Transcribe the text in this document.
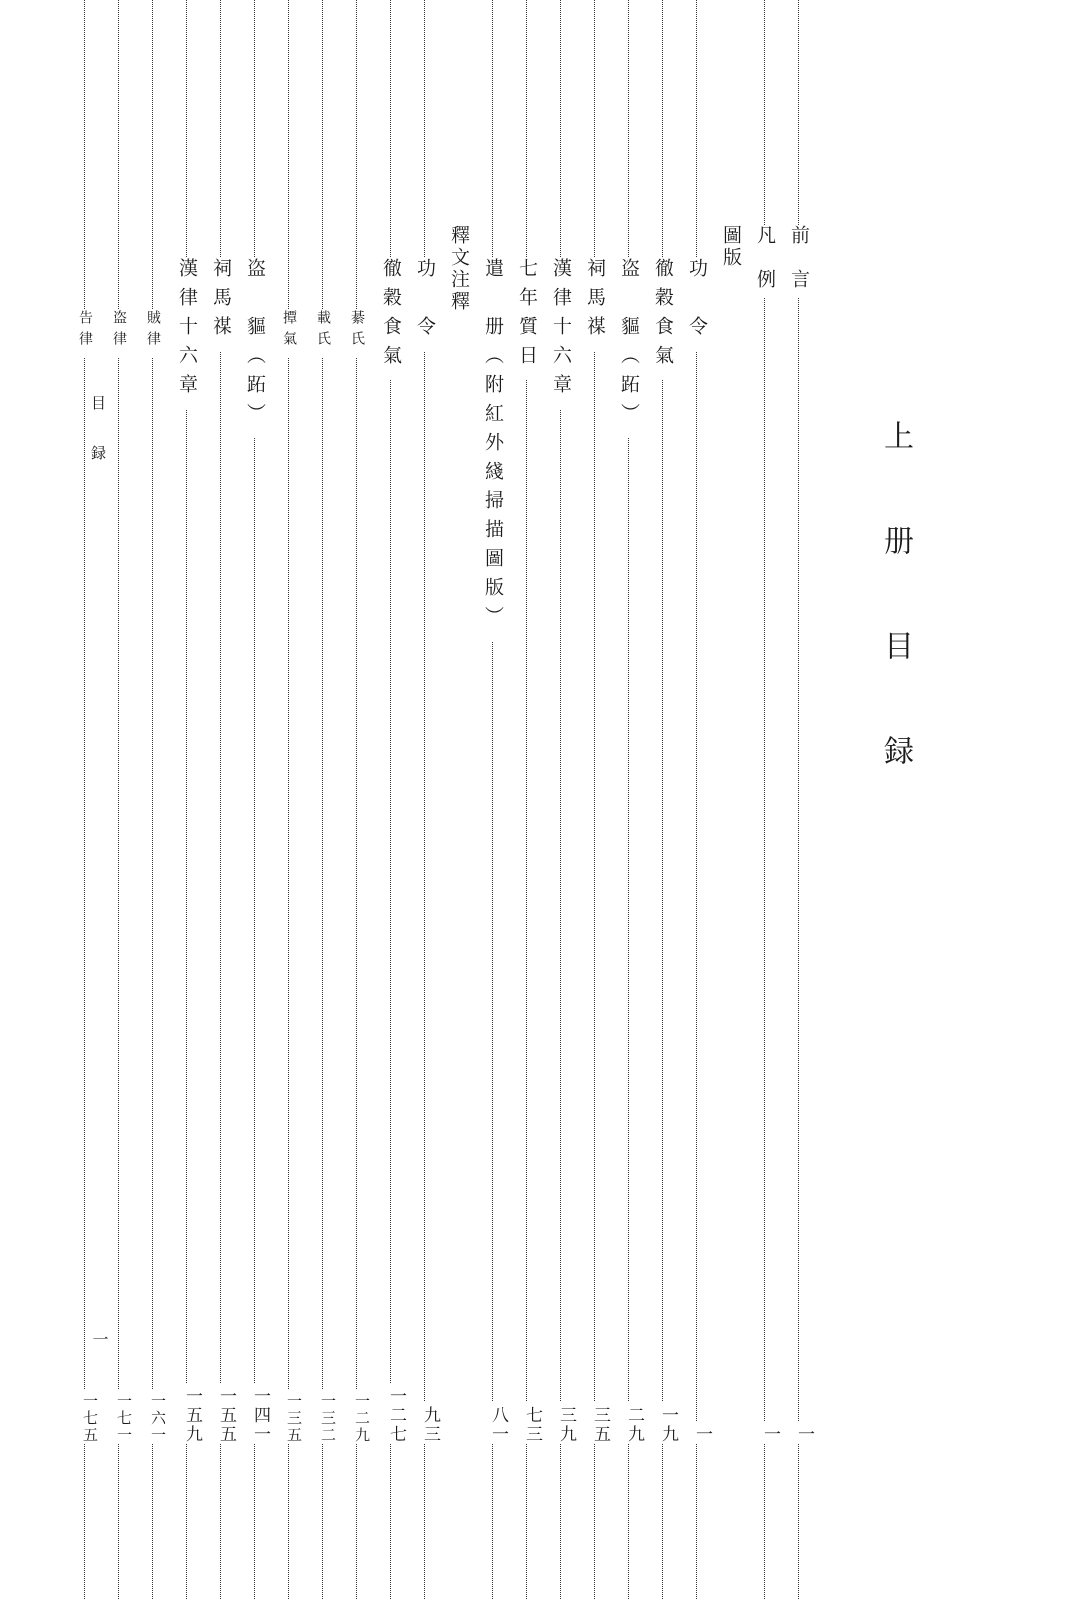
上 册 目 録
目　録
一
前　言
一
凡　例
一
圖版
功　令
一
徹穀食氣
一九
盗　貙（跖）
二九
祠馬禖
三五
漢律十六章
三九
七年質日
七三
遣　册（附紅外綫掃描圖版）
八一
釋文注釋
功　令
九三
徹穀食氣
一二七
綦氏
一二九
載氏
一三二
撢氣
一三五
盗　貙（跖）
一四一
祠馬禖
一五五
漢律十六章
一五九
賊律
一六一
盗律
一七一
告律
一七五
